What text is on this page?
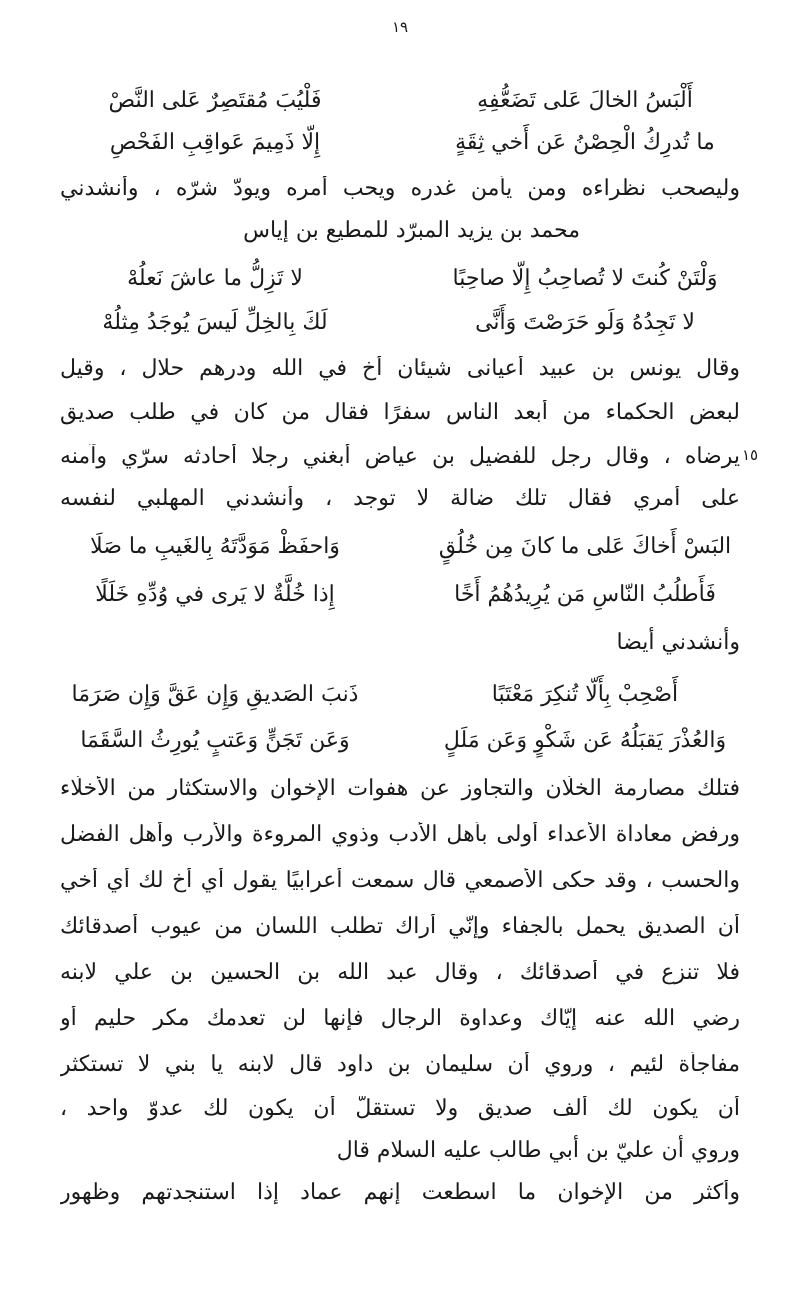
١٩
أَلْبَسُ الخالَ عَلى تَضَعُّفِهِ
فَلْيُبَ مُقتَصِرٌ عَلى النَّصْ
ما تُدرِكُ الْحِصْنُ عَن أَخي ثِقَةٍ
إِلّا ذَمِيمَ عَواقِبِ الفَحْصِ
وليصحب نظراءه ومن يأمن غدره ويحب أمره ويودّ شرّه ، وأنشدني
محمد بن يزيد المبرّد للمطيع بن إياس
وَلْتَنْ كُنتَ لا تُصاحِبُ إِلّا صاحِبًا
لا تَزِلُّ ما عاشَ نَعلُهْ
لا تَجِدُهُ وَلَو حَرَصْتَ وَأَنَّى
لَكَ بِالخِلِّ لَيسَ يُوجَدُ مِثلُهْ
وقال يونس بن عبيد أعيانى شيئان أخ في الله ودرهم حلال ، وقيل
لبعض الحكماء من أبعد الناس سفرًا فقال من كان في طلب صديق
يرضاه ، وقال رجل للفضيل بن عياض أبغني رجلا أحادثه سرّي وآمنه
على أمري فقال تلك ضالة لا توجد ، وأنشدني المهلبي لنفسه
١٥
البَسْ أَخاكَ عَلى ما كانَ مِن خُلُقٍ
وَاحفَظْ مَوَدَّتَهُ بِالغَيبِ ما صَلَا
فَأَطلُبُ النّاسِ مَن يُرِيدُهُمُ أَخًا
إِذا خُلَّةٌ لا يَرى في وُدِّهِ خَلَلًا
وأنشدني أيضا
أَصْحِبْ بِأَلّا تُنكِرَ مَعْتَبًا
ذَنبَ الصَديقِ وَإِن عَقَّ وَإِن صَرَمَا
وَالعُذْرَ يَقبَلُهُ عَن شَكْوٍ وَعَن مَلَلٍ
وَعَن تَجَنٍّ وَعَتبٍ يُورِثُ السَّقَمَا
فتلك مصارمة الخلّان والتجاوز عن هفوات الإخوان والاستكثار من الأخلّاء
ورفض معاداة الأعداء أولى بأهل الأدب وذوي المروءة والأرب وأهل الفضل
والحسب ، وقد حكى الأصمعي قال سمعت أعرابيًا يقول أي أخ لك أي أخي
أن الصديق يحمل بالجفاء وإنّي أراك تطلب اللسان من عيوب أصدقائك
فلا تنزع في أصدقائك ، وقال عبد الله بن الحسين بن علي لابنه
رضي الله عنه إيّاك وعداوة الرجال فإنها لن تعدمك مكر حليم أو
مفاجأة لئيم ، وروي أن سليمان بن داود قال لابنه يا بني لا تستكثر
أن يكون لك ألف صديق ولا تستقلّ أن يكون لك عدوّ واحد ،
وروي أن عليّ بن أبي طالب عليه السلام قال
وأكثر من الإخوان ما اسطعت إنهم عماد إذا استنجدتهم وظهور
